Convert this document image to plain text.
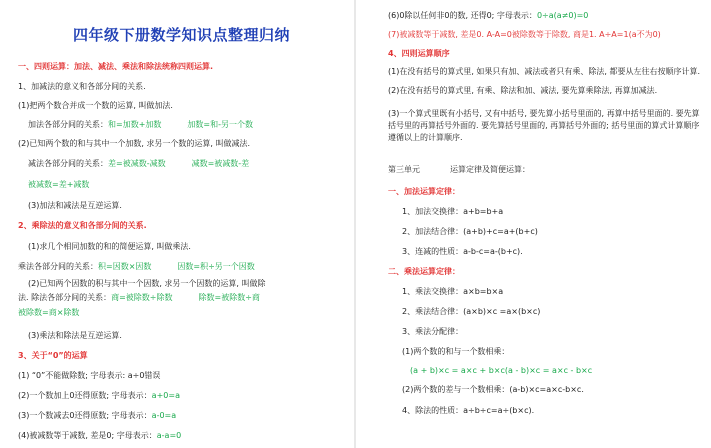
四年级下册数学知识点整理归纳

一、四则运算：加法、减法、乘法和除法统称四则运算.

1、加减法的意义和各部分间的关系.

(1)把两个数合并成一个数的运算, 叫做加法.

加法各部分间的关系：和=加数+加数	加数=和-另一个数

(2)已知两个数的和与其中一个加数, 求另一个数的运算, 叫做减法.

减法各部分间的关系：差=被减数-减数	减数=被减数-差

被减数=差+减数

(3)加法和减法是互逆运算.

2、乘除法的意义和各部分间的关系.

(1)求几个相同加数的和的简便运算, 叫做乘法.

乘法各部分间的关系：积=因数×因数	因数=积÷另一个因数

(2)已知两个因数的积与其中一个因数, 求另一个因数的运算, 叫做除

法. 除法各部分间的关系：商=被除数÷除数	除数=被除数÷商

被除数=商×除数

(3)乘法和除法是互逆运算.

3、关于“0”的运算

(1) “0”不能做除数; 字母表示: a÷0错误

(2)一个数加上0还得原数; 字母表示：a+0=a

(3)一个数减去0还得原数; 字母表示：a-0=a

(4)被减数等于减数, 差是0; 字母表示：a-a=0

(6)0除以任何非0的数, 还得0; 字母表示：0÷a(a≠0)=0

(7)被减数等于减数, 差是0. A-A=0被除数等于除数, 商是1. A÷A=1(a不为0)

4、四则运算顺序

(1)在没有括号的算式里, 如果只有加、减法或者只有乘、除法, 都要从左往右按顺序计算.

(2)在没有括号的算式里, 有乘、除法和加、减法, 要先算乘除法, 再算加减法.

(3)一个算式里既有小括号, 又有中括号, 要先算小括号里面的, 再算中括号里面的. 要先算括号里的再算括号外面的. 要先算括号里面的, 再算括号外面的; 括号里面的算式计算顺序遵循以上的计算顺序.

第三单元	运算定律及简便运算：

一、加法运算定律：

1、加法交换律：a+b=b+a

2、加法结合律：(a+b)+c=a+(b+c)

3、连减的性质：a-b-c=a-(b+c).

二、乘法运算定律：

1、乘法交换律：a×b=b×a

2、乘法结合律：(a×b)×c =a×(b×c)

3、乘法分配律：

(1)两个数的和与一个数相乘：

(a + b)×c = a×c + b×c(a - b)×c = a×c - b×c

(2)两个数的差与一个数相乘：(a-b)×c=a×c-b×c.

4、除法的性质：a÷b÷c=a÷(b×c).
